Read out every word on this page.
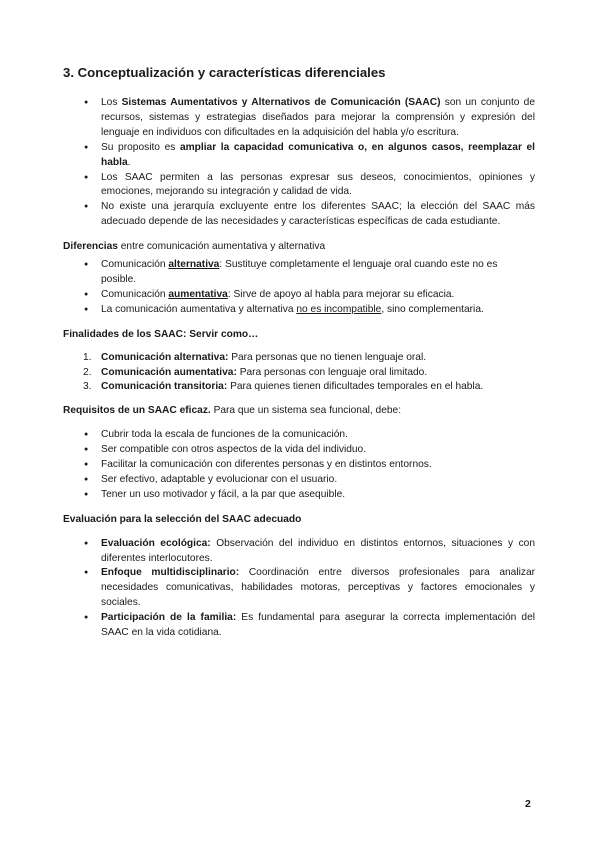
3. Conceptualización y características diferenciales
● Los Sistemas Aumentativos y Alternativos de Comunicación (SAAC) son un conjunto de recursos, sistemas y estrategias diseñados para mejorar la comprensión y expresión del lenguaje en individuos con dificultades en la adquisición del habla y/o escritura.
● Su proposito es ampliar la capacidad comunicativa o, en algunos casos, reemplazar el habla.
● Los SAAC permiten a las personas expresar sus deseos, conocimientos, opiniones y emociones, mejorando su integración y calidad de vida.
● No existe una jerarquía excluyente entre los diferentes SAAC; la elección del SAAC más adecuado depende de las necesidades y características específicas de cada estudiante.

Diferencias entre comunicación aumentativa y alternativa

● Comunicación alternativa: Sustituye completamente el lenguaje oral cuando este no es posible.
● Comunicación aumentativa: Sirve de apoyo al habla para mejorar su eficacia.
● La comunicación aumentativa y alternativa no es incompatible, sino complementaria.

Finalidades de los SAAC: Servir como…

1. Comunicación alternativa: Para personas que no tienen lenguaje oral.
2. Comunicación aumentativa: Para personas con lenguaje oral limitado.
3. Comunicación transitoria: Para quienes tienen dificultades temporales en el habla.

Requisitos de un SAAC eficaz. Para que un sistema sea funcional, debe:

● Cubrir toda la escala de funciones de la comunicación.
● Ser compatible con otros aspectos de la vida del individuo.
● Facilitar la comunicación con diferentes personas y en distintos entornos.
● Ser efectivo, adaptable y evolucionar con el usuario.
● Tener un uso motivador y fácil, a la par que asequible.

Evaluación para la selección del SAAC adecuado

● Evaluación ecológica: Observación del individuo en distintos entornos, situaciones y con diferentes interlocutores.
● Enfoque multidisciplinario: Coordinación entre diversos profesionales para analizar necesidades comunicativas, habilidades motoras, perceptivas y factores emocionales y sociales.
● Participación de la familia: Es fundamental para asegurar la correcta implementación del SAAC en la vida cotidiana.
2
